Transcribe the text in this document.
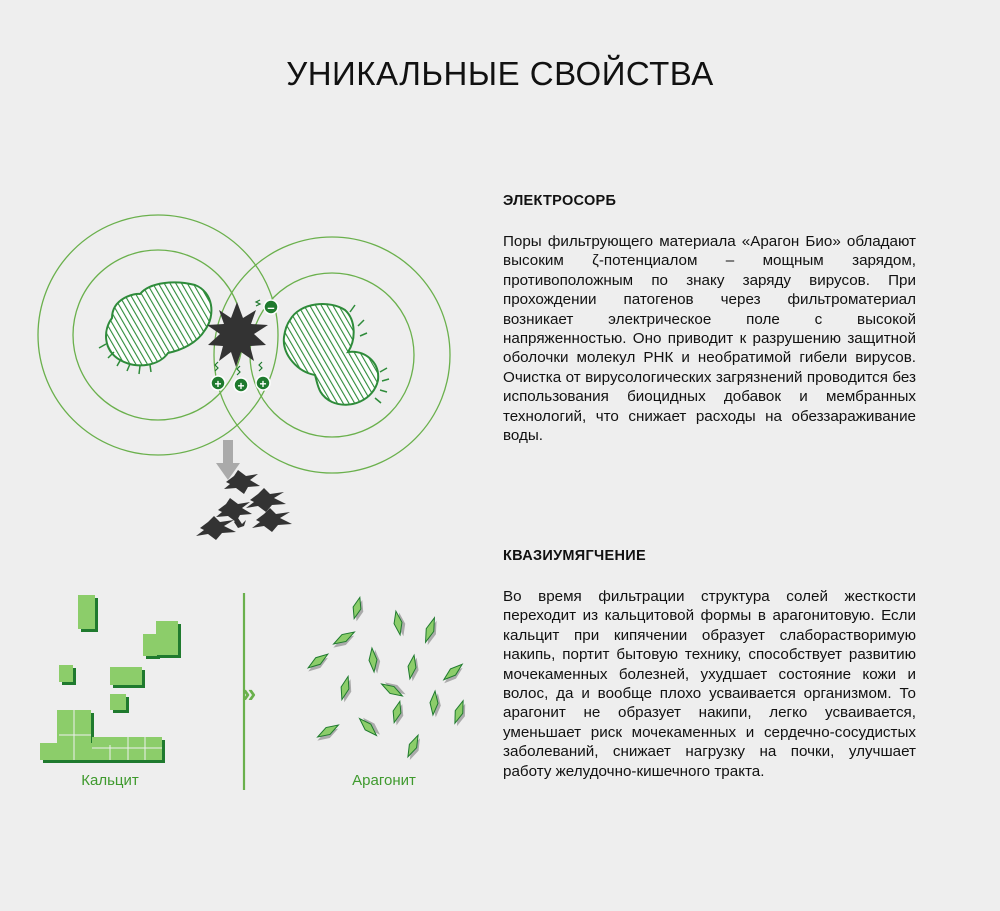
УНИКАЛЬНЫЕ СВОЙСТВА
ЭЛЕКТРОСОРБ

Поры фильтрующего материала «Арагон Био» обладают высоким ζ-потенциалом – мощным зарядом, противоположным по знаку заряду вирусов. При прохождении патогенов через фильтроматериал возникает электрическое поле с высокой напряженностью. Оно приводит к разрушению защитной оболочки молекул РНК и необратимой гибели вирусов. Очистка от вирусологических загрязнений проводится без использования биоцидных добавок и мембранных технологий, что снижает расходы на обеззараживание воды.

КВАЗИУМЯГЧЕНИЕ

Во время фильтрации структура солей жесткости переходит из кальцитовой формы в арагонитовую. Если кальцит при кипячении образует слаборастворимую накипь, портит бытовую технику, способствует развитию мочекаменных болезней, ухудшает состояние кожи и волос, да и вообще плохо усваивается организмом. То арагонит не образует накипи, легко усваивается, уменьшает риск мочекаменных и сердечно-сосудистых заболеваний, снижает нагрузку на почки, улучшает работу желудочно-кишечного тракта.

–
+ + +
Кальцит
»
Арагонит
